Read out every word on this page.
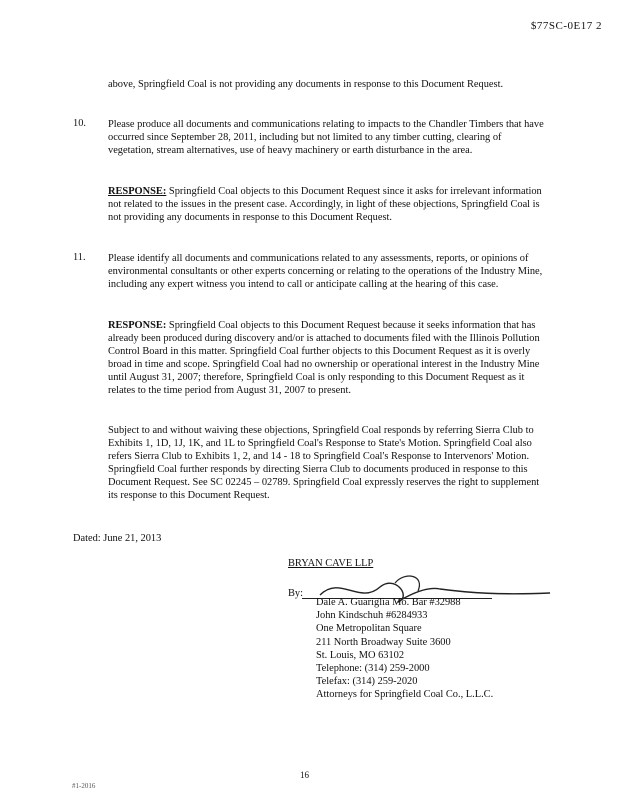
$77SC-0E17 2

above, Springfield Coal is not providing any documents in response to this Document Request.

10. Please produce all documents and communications relating to impacts to the Chandler Timbers that have occurred since September 28, 2011, including but not limited to any timber cutting, clearing of vegetation, stream alternatives, use of heavy machinery or earth disturbance in the area.

RESPONSE: Springfield Coal objects to this Document Request since it asks for irrelevant information not related to the issues in the present case. Accordingly, in light of these objections, Springfield Coal is not providing any documents in response to this Document Request.

11. Please identify all documents and communications related to any assessments, reports, or opinions of environmental consultants or other experts concerning or relating to the operations of the Industry Mine, including any expert witness you intend to call or anticipate calling at the hearing of this case.

RESPONSE: Springfield Coal objects to this Document Request because it seeks information that has already been produced during discovery and/or is attached to documents filed with the Illinois Pollution Control Board in this matter. Springfield Coal further objects to this Document Request as it is overly broad in time and scope. Springfield Coal had no ownership or operational interest in the Industry Mine until August 31, 2007; therefore, Springfield Coal is only responding to this Document Request as it relates to the time period from August 31, 2007 to present.

Subject to and without waiving these objections, Springfield Coal responds by referring Sierra Club to Exhibits 1, 1D, 1J, 1K, and 1L to Springfield Coal's Response to State's Motion. Springfield Coal also refers Sierra Club to Exhibits 1, 2, and 14 - 18 to Springfield Coal's Response to Intervenors' Motion. Springfield Coal further responds by directing Sierra Club to documents produced in response to this Document Request. See SC 02245 – 02789. Springfield Coal expressly reserves the right to supplement its response to this Document Request.

Dated: June 21, 2013
BRYAN CAVE LLP
By:
Dale A. Guariglia Mo. Bar #32988
John Kindschuh #6284933
One Metropolitan Square
211 North Broadway Suite 3600
St. Louis, MO 63102
Telephone: (314) 259-2000
Telefax: (314) 259-2020
Attorneys for Springfield Coal Co., L.L.C.
16
#1-2016
